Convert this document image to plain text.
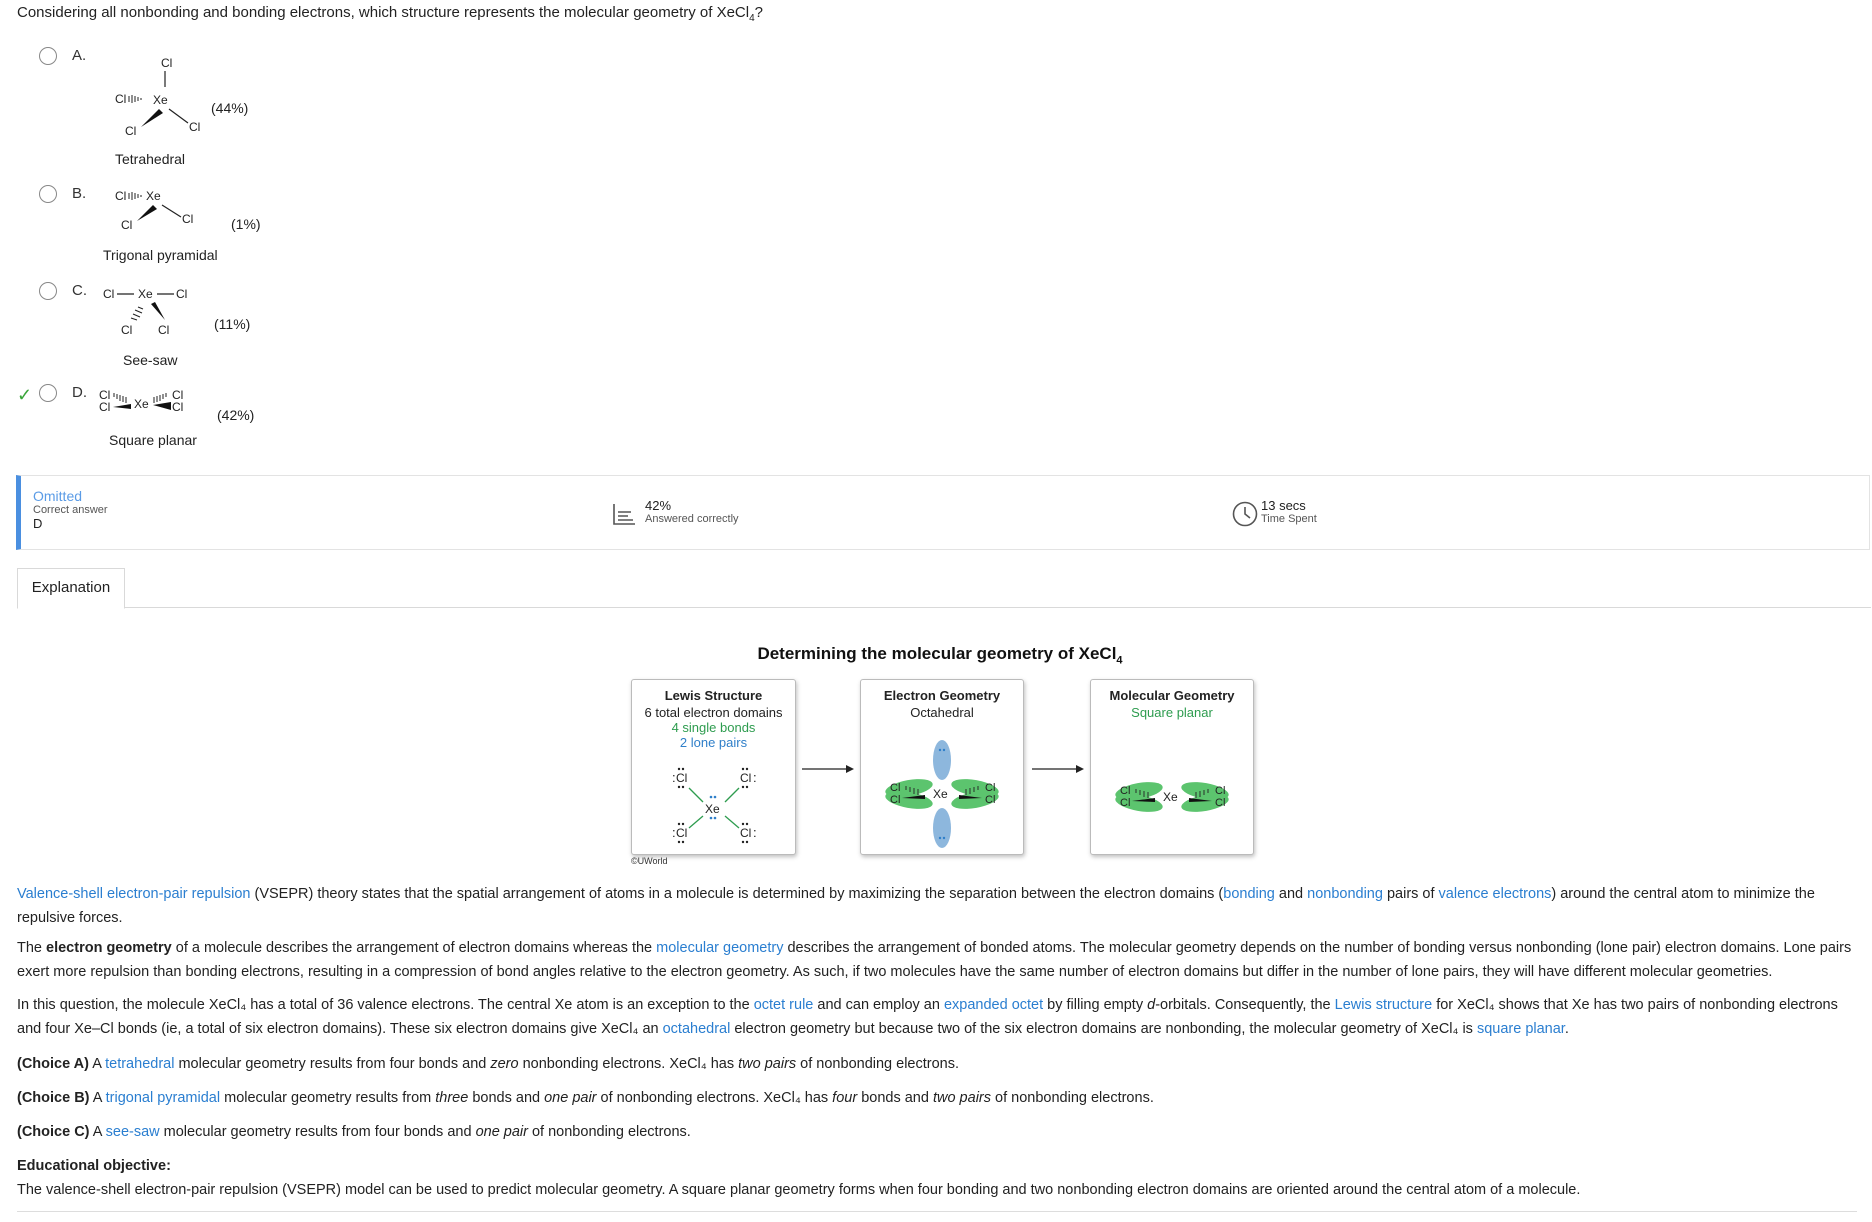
Considering all nonbonding and bonding electrons, which structure represents the molecular geometry of XeCl$_4$?
A.	Cl
Cl Xe
Cl	Cl
(44%)
Tetrahedral
B. Cl Xe
Cl	Cl	(1%)
Trigonal pyramidal
C. Cl Xe Cl
Cl Cl	(11%)
See-saw
✓	D. Cl
Cl Xe
Cl
Cl (42%)
Square planar
Omitted
Correct answer
D
42%
Answered correctly
13 secs
Time Spent
Explanation
Determining the molecular geometry of XeCl$_4$
Lewis Structure
6 total electron domains
4 single bonds
2 lone pairs
: Cl	Cl :
: Cl	Cl :
Xe
Electron Geometry
Octahedral
Cl
Cl
Cl
Cl
Xe
Molecular Geometry
Square planar
Cl
Cl
Cl
Cl
Xe
©UWorld
Valence-shell electron-pair repulsion (VSEPR) theory states that the spatial arrangement of atoms in a molecule is determined by maximizing the separation between the electron domains (bonding and nonbonding pairs of valence electrons) around the central atom to minimize the repulsive forces.
The electron geometry of a molecule describes the arrangement of electron domains whereas the molecular geometry describes the arrangement of bonded atoms. The molecular geometry depends on the number of bonding versus nonbonding (lone pair) electron domains. Lone pairs exert more repulsion than bonding electrons, resulting in a compression of bond angles relative to the electron geometry. As such, if two molecules have the same number of electron domains but differ in the number of lone pairs, they will have different molecular geometries.
In this question, the molecule XeCl₄ has a total of 36 valence electrons. The central Xe atom is an exception to the octet rule and can employ an expanded octet by filling empty d-orbitals. Consequently, the Lewis structure for XeCl₄ shows that Xe has two pairs of nonbonding electrons and four Xe–Cl bonds (ie, a total of six electron domains). These six electron domains give XeCl₄ an octahedral electron geometry but because two of the six electron domains are nonbonding, the molecular geometry of XeCl₄ is square planar.
(Choice A) A tetrahedral molecular geometry results from four bonds and zero nonbonding electrons. XeCl₄ has two pairs of nonbonding electrons.
(Choice B) A trigonal pyramidal molecular geometry results from three bonds and one pair of nonbonding electrons. XeCl₄ has four bonds and two pairs of nonbonding electrons.
(Choice C) A see-saw molecular geometry results from four bonds and one pair of nonbonding electrons.
Educational objective:
The valence-shell electron-pair repulsion (VSEPR) model can be used to predict molecular geometry. A square planar geometry forms when four bonding and two nonbonding electron domains are oriented around the central atom of a molecule.
